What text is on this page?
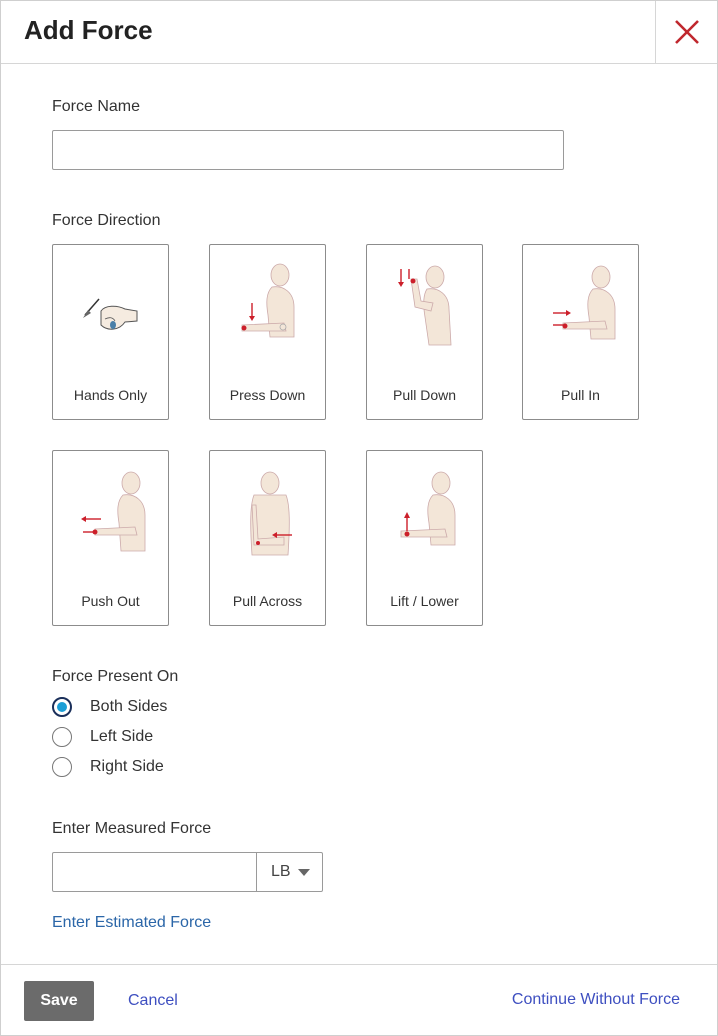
Add Force
Force Name
Force Direction
Hands Only	Press Down	Pull Down	Pull In
Push Out	Pull Across	Lift / Lower
Force Present On
Both Sides
Left Side
Right Side
Enter Measured Force
LB
Enter Estimated Force
Save	Cancel	Continue Without Force
